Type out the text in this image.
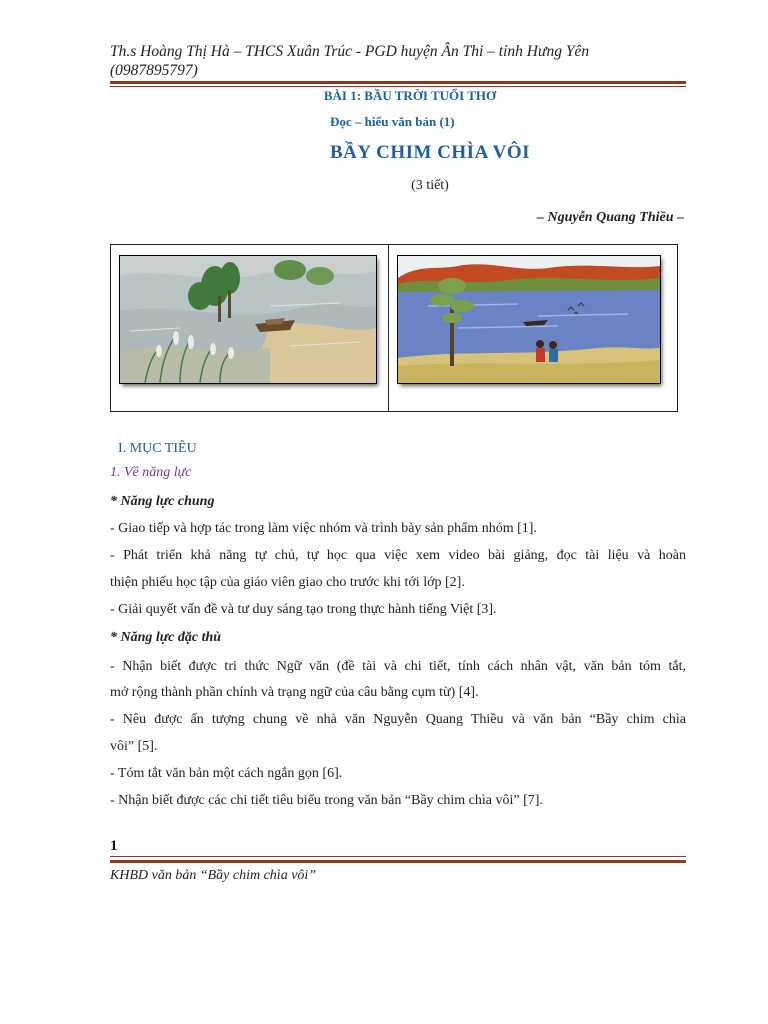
Th.s Hoàng Thị Hà – THCS Xuân Trúc - PGD huyện Ân Thi – tỉnh Hưng Yên
(0987895797)
BÀI 1: BẦU TRỜI TUỔI THƠ
Đọc – hiểu văn bản (1)
BẦY CHIM CHÌA VÔI
(3 tiết)
– Nguyễn Quang Thiều –
I. MỤC TIÊU
1. Về năng lực
* Năng lực chung
- Giao tiếp và hợp tác trong làm việc nhóm và trình bày sản phẩm nhóm [1].
- Phát triển khả năng tự chủ, tự học qua việc xem video bài giảng, đọc tài liệu và hoàn
thiện phiếu học tập của giáo viên giao cho trước khi tới lớp [2].
- Giải quyết vấn đề và tư duy sáng tạo trong thực hành tiếng Việt [3].
* Năng lực đặc thù
- Nhận biết được tri thức Ngữ văn (đề tài và chi tiết, tính cách nhân vật, văn bản tóm tắt,
mở rộng thành phần chính và trạng ngữ của câu bằng cụm từ) [4].
- Nêu được ấn tượng chung về nhà văn Nguyễn Quang Thiều và văn bản “Bầy chim chìa
vôi” [5].
- Tóm tắt văn bản một cách ngắn gọn [6].
- Nhận biết được các chi tiết tiêu biểu trong văn bản “Bầy chim chìa vôi” [7].
1
KHBD văn bản “Bầy chim chìa vôi”
